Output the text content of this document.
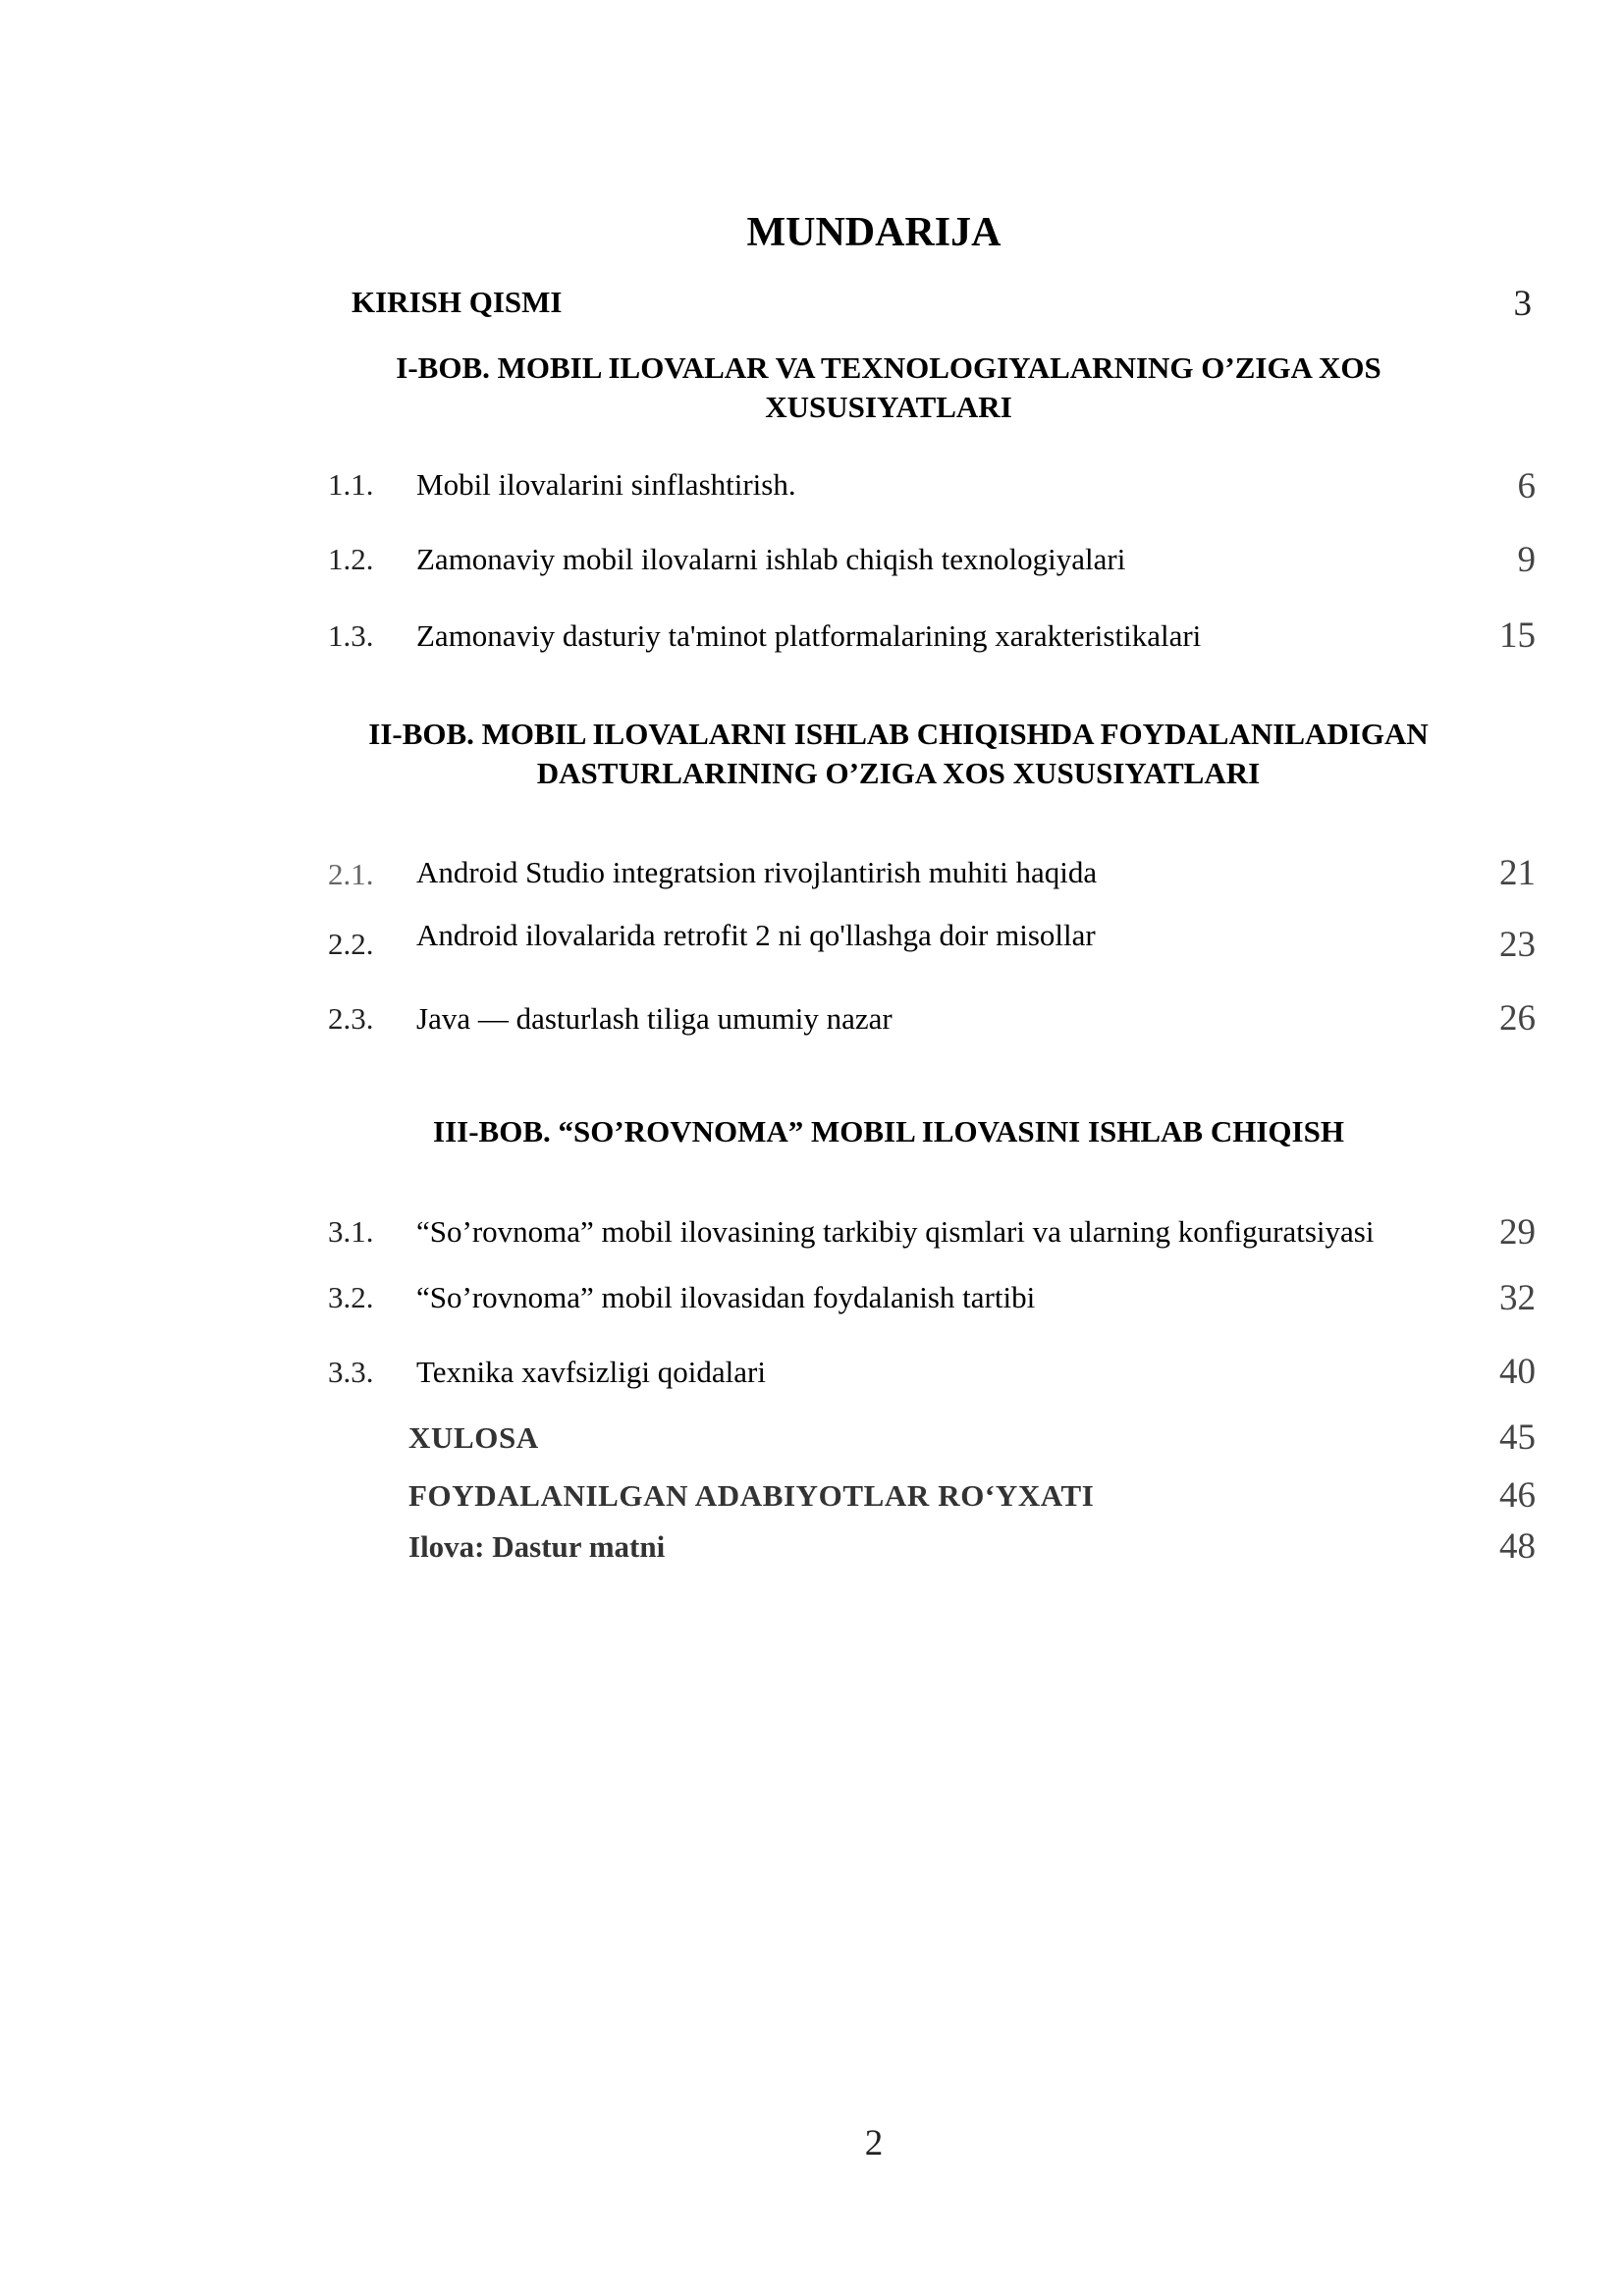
MUNDARIJA
KIRISH QISMI	3
I-BOB. MOBIL ILOVALAR VA TEXNOLOGIYALARNING O’ZIGA XOS XUSUSIYATLARI
1.1. Mobil ilovalarini sinflashtirish.	6
1.2. Zamonaviy mobil ilovalarni ishlab chiqish texnologiyalari	9
1.3. Zamonaviy dasturiy ta'minot platformalarining xarakteristikalari	15
II-BOB. MOBIL ILOVALARNI ISHLAB CHIQISHDA FOYDALANILADIGAN DASTURLARINING O’ZIGA XOS XUSUSIYATLARI
2.1. Android Studio integratsion rivojlantirish muhiti haqida	21
2.2. Android ilovalarida retrofit 2 ni qo'llashga doir misollar	23
2.3. Java — dasturlash tiliga umumiy nazar	26
III-BOB. “SO’ROVNOMA” MOBIL ILOVASINI ISHLAB CHIQISH
3.1. “So’rovnoma” mobil ilovasining tarkibiy qismlari va ularning konfiguratsiyasi	29
3.2. “So’rovnoma” mobil ilovasidan foydalanish tartibi	32
3.3. Texnika xavfsizligi qoidalari	40
XULOSA	45
FOYDALANILGAN ADABIYOTLAR RO‘YXATI	46
Ilova: Dastur matni	48
2
